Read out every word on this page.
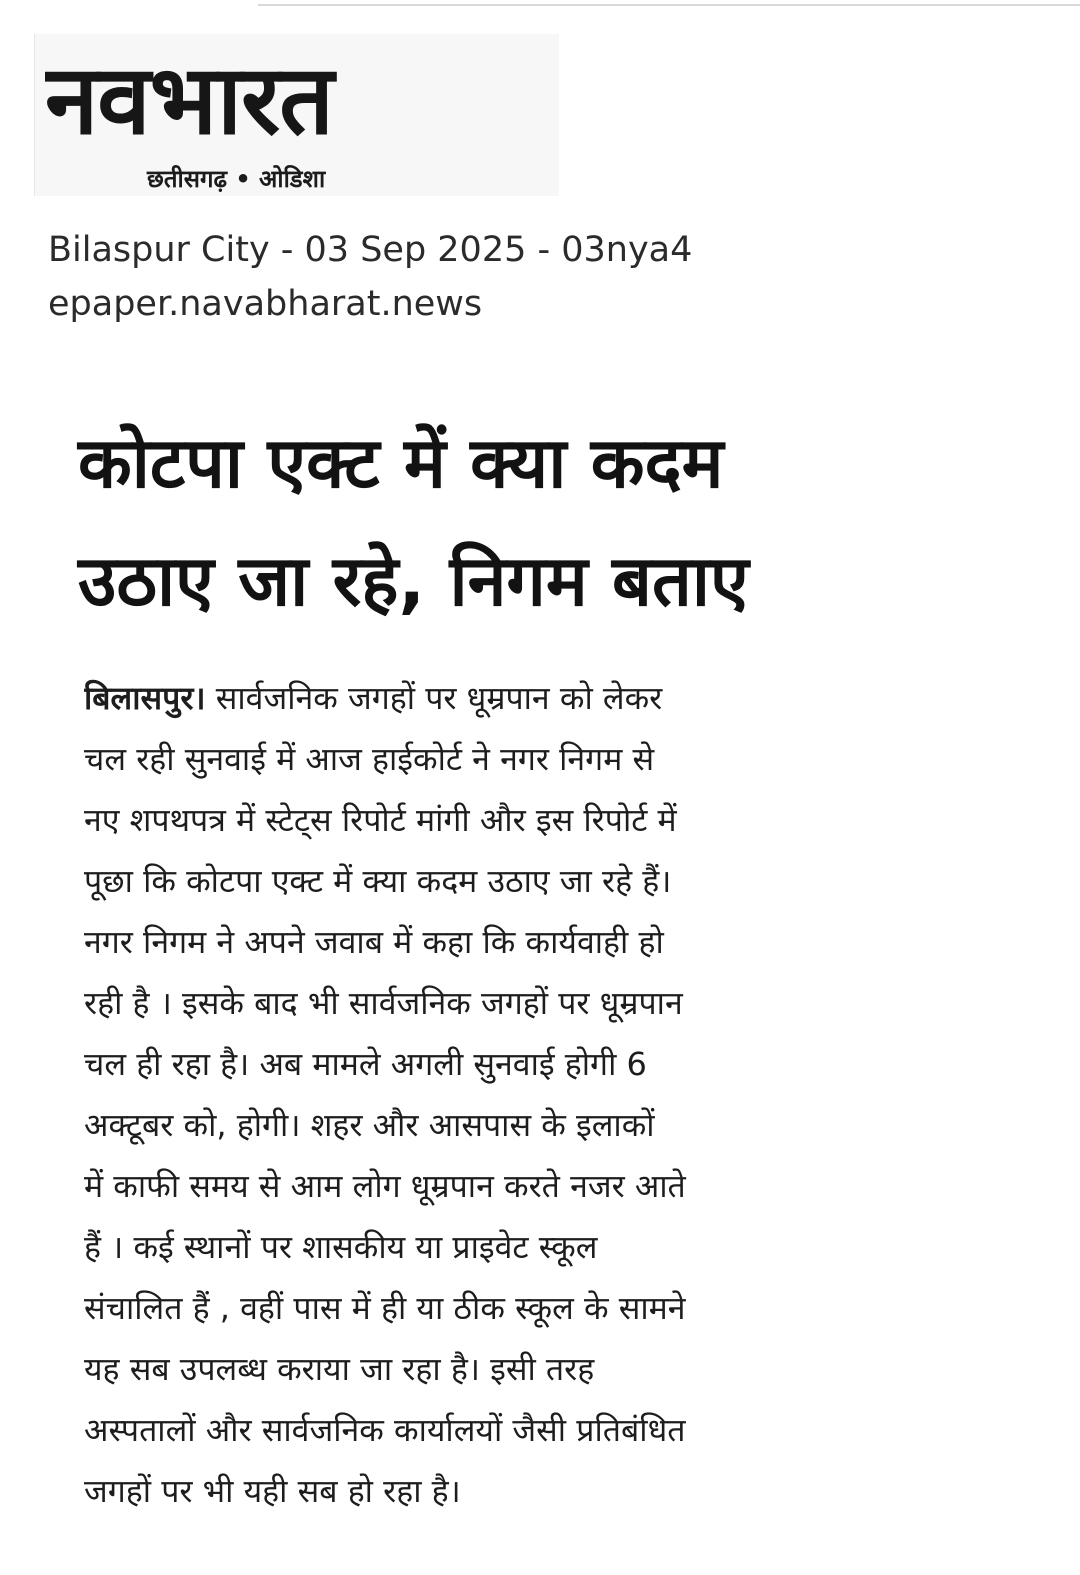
नवभारत
छतीसगढ़ • ओडिशा
Bilaspur City - 03 Sep 2025 - 03nya4
epaper.navabharat.news
कोटपा एक्ट में क्या कदम
उठाए जा रहे, निगम बताए
बिलासपुर। सार्वजनिक जगहों पर धूम्रपान को लेकर
चल रही सुनवाई में आज हाईकोर्ट ने नगर निगम से
नए शपथपत्र में स्टेट्स रिपोर्ट मांगी और इस रिपोर्ट में
पूछा कि कोटपा एक्ट में क्या कदम उठाए जा रहे हैं।
नगर निगम ने अपने जवाब में कहा कि कार्यवाही हो
रही है । इसके बाद भी सार्वजनिक जगहों पर धूम्रपान
चल ही रहा है। अब मामले अगली सुनवाई होगी 6
अक्टूबर को, होगी। शहर और आसपास के इलाकों
में काफी समय से आम लोग धूम्रपान करते नजर आते
हैं । कई स्थानों पर शासकीय या प्राइवेट स्कूल
संचालित हैं , वहीं पास में ही या ठीक स्कूल के सामने
यह सब उपलब्ध कराया जा रहा है। इसी तरह
अस्पतालों और सार्वजनिक कार्यालयों जैसी प्रतिबंधित
जगहों पर भी यही सब हो रहा है।
